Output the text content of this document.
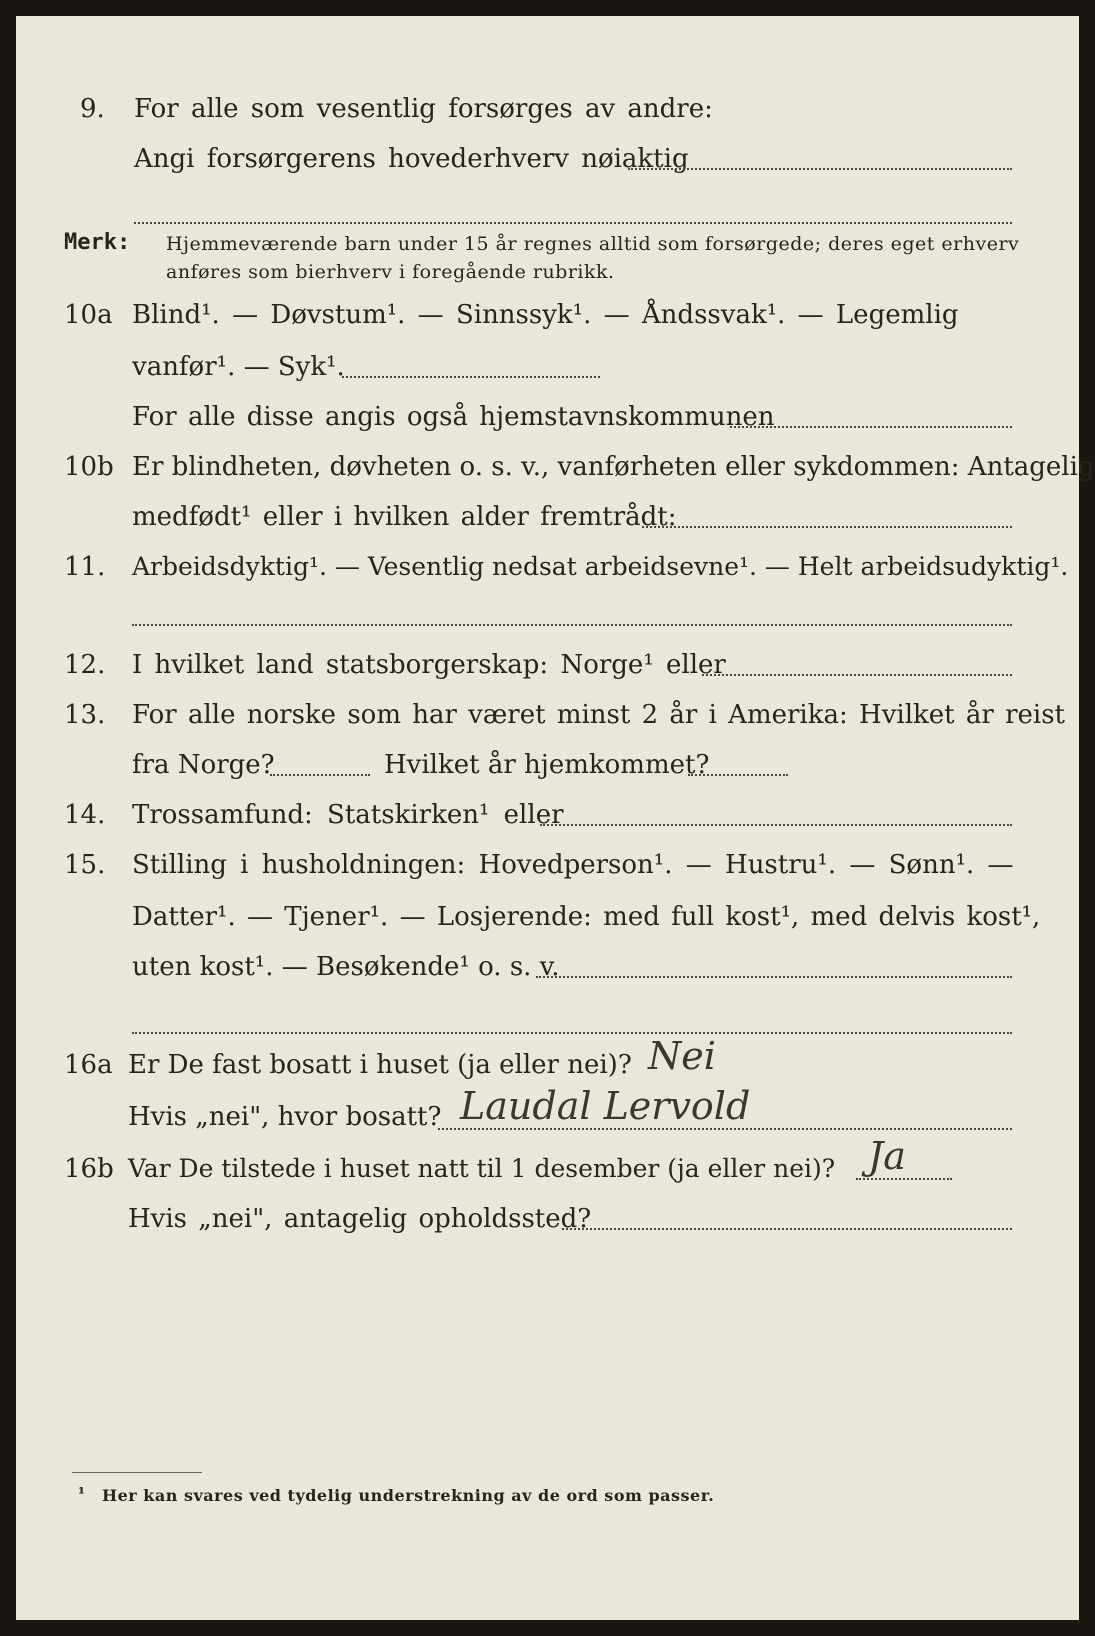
9. For alle som vesentlig forsørges av andre:
Angi forsørgerens hovederhverv nøiaktig
Merk: Hjemmeværende barn under 15 år regnes alltid som forsørgede; deres eget erhverv
anføres som bierhverv i foregående rubrikk.
10a Blind¹. — Døvstum¹. — Sinnssyk¹. — Åndssvak¹. — Legemlig
vanfør¹. — Syk¹.
For alle disse angis også hjemstavnskommunen
10b Er blindheten, døvheten o. s. v., vanførheten eller sykdommen: Antagelig
medfødt¹ eller i hvilken alder fremtrådt:
11. Arbeidsdyktig¹. — Vesentlig nedsat arbeidsevne¹. — Helt arbeidsudyktig¹.
12. I hvilket land statsborgerskap: Norge¹ eller
13. For alle norske som har været minst 2 år i Amerika: Hvilket år reist
fra Norge?	Hvilket år hjemkommet?
14. Trossamfund: Statskirken¹ eller
15. Stilling i husholdningen: Hovedperson¹. — Hustru¹. — Sønn¹. —
Datter¹. — Tjener¹. — Losjerende: med full kost¹, med delvis kost¹,
uten kost¹. — Besøkende¹ o. s. v.
16a Er De fast bosatt i huset (ja eller nei)? Nei
Hvis „nei", hvor bosatt? Laudal Lervold
16b Var De tilstede i huset natt til 1 desember (ja eller nei)? Ja
Hvis „nei", antagelig opholdssted?
¹ Her kan svares ved tydelig understrekning av de ord som passer.
